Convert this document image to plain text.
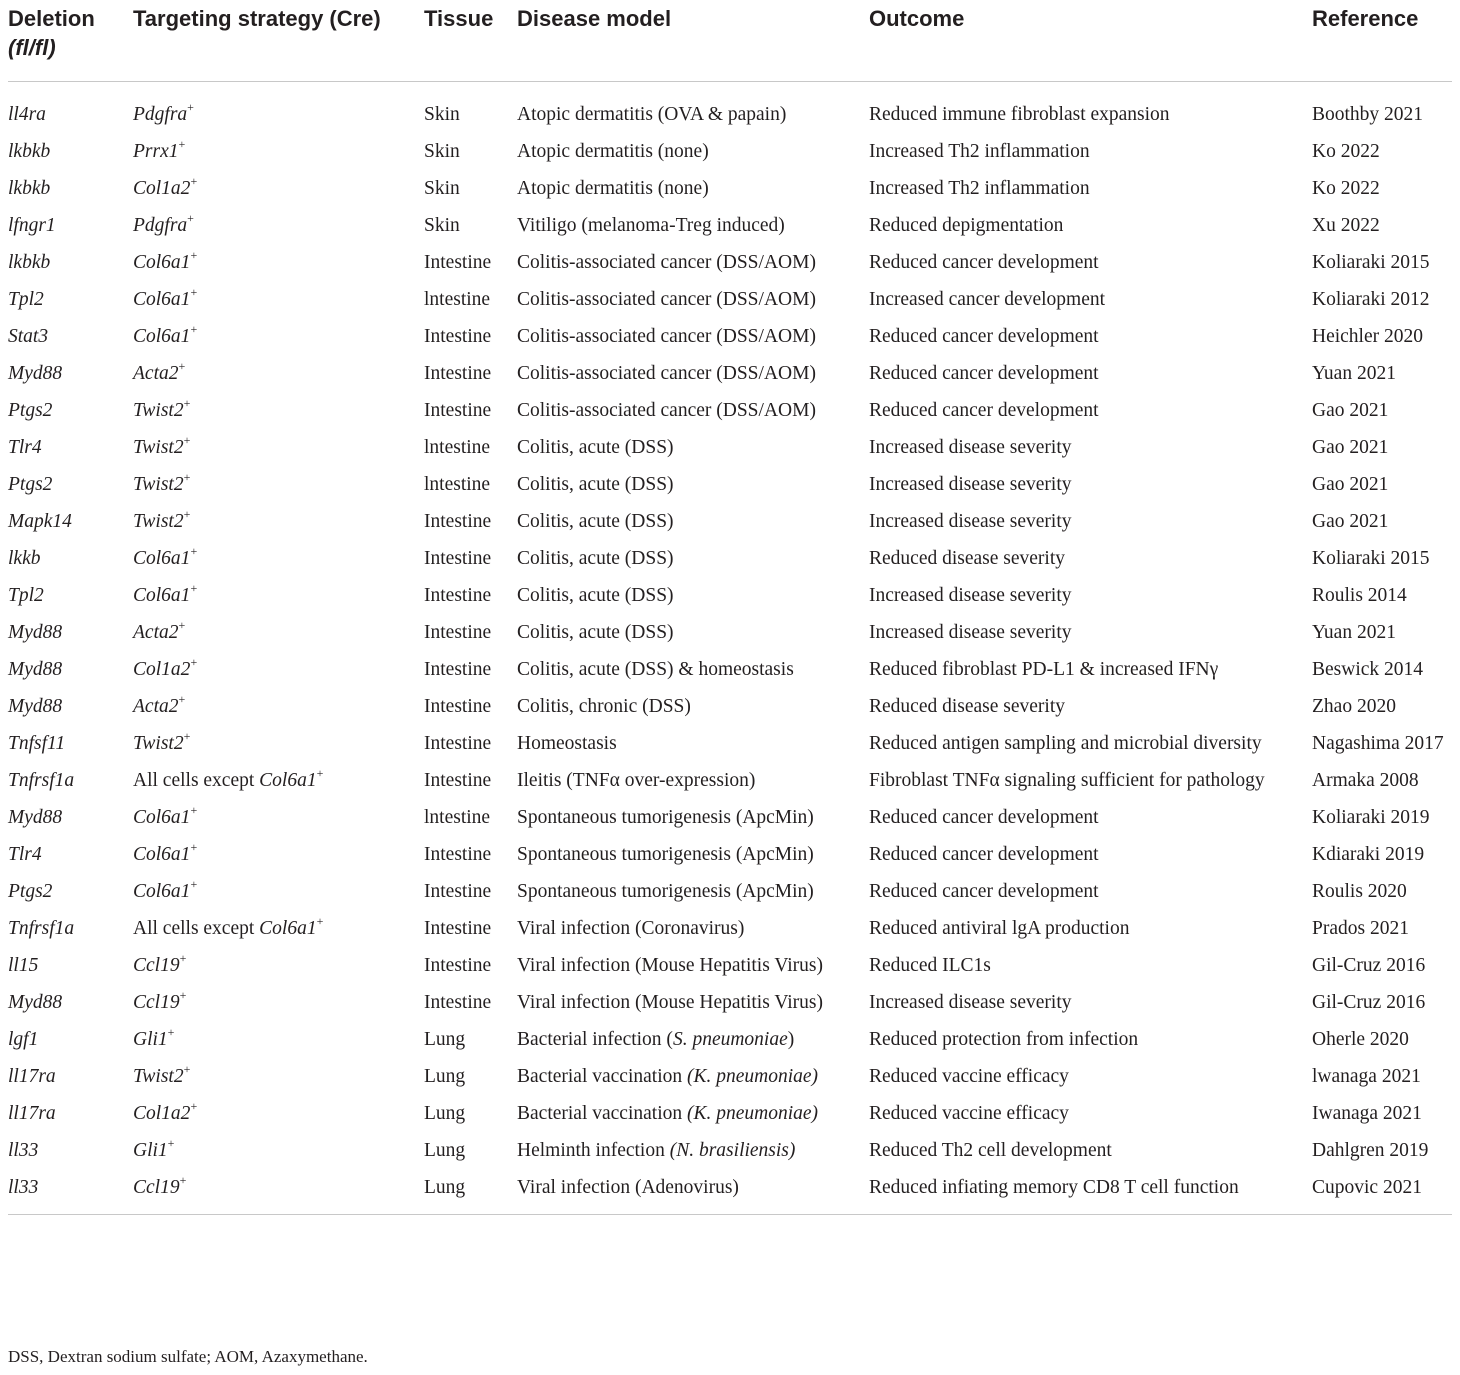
Deletion
(fl/fl)	Targeting strategy (Cre)	Tissue	Disease model	Outcome	Reference
ll4ra	Pdgfra+	Skin	Atopic dermatitis (OVA & papain)	Reduced immune fibroblast expansion	Boothby 2021
lkbkb	Prrx1+	Skin	Atopic dermatitis (none)	Increased Th2 inflammation	Ko 2022
lkbkb	Col1a2+	Skin	Atopic dermatitis (none)	Increased Th2 inflammation	Ko 2022
lfngr1	Pdgfra+	Skin	Vitiligo (melanoma-Treg induced)	Reduced depigmentation	Xu 2022
lkbkb	Col6a1+	Intestine	Colitis-associated cancer (DSS/AOM)	Reduced cancer development	Koliaraki 2015
Tpl2	Col6a1+	lntestine	Colitis-associated cancer (DSS/AOM)	Increased cancer development	Koliaraki 2012
Stat3	Col6a1+	Intestine	Colitis-associated cancer (DSS/AOM)	Reduced cancer development	Heichler 2020
Myd88	Acta2+	Intestine	Colitis-associated cancer (DSS/AOM)	Reduced cancer development	Yuan 2021
Ptgs2	Twist2+	Intestine	Colitis-associated cancer (DSS/AOM)	Reduced cancer development	Gao 2021
Tlr4	Twist2+	lntestine	Colitis, acute (DSS)	Increased disease severity	Gao 2021
Ptgs2	Twist2+	lntestine	Colitis, acute (DSS)	Increased disease severity	Gao 2021
Mapk14	Twist2+	Intestine	Colitis, acute (DSS)	Increased disease severity	Gao 2021
lkkb	Col6a1+	Intestine	Colitis, acute (DSS)	Reduced disease severity	Koliaraki 2015
Tpl2	Col6a1+	Intestine	Colitis, acute (DSS)	Increased disease severity	Roulis 2014
Myd88	Acta2+	Intestine	Colitis, acute (DSS)	Increased disease severity	Yuan 2021
Myd88	Col1a2+	Intestine	Colitis, acute (DSS) & homeostasis	Reduced fibroblast PD-L1 & increased IFNγ	Beswick 2014
Myd88	Acta2+	Intestine	Colitis, chronic (DSS)	Reduced disease severity	Zhao 2020
Tnfsf11	Twist2+	Intestine	Homeostasis	Reduced antigen sampling and microbial diversity	Nagashima 2017
Tnfrsf1a	All cells except Col6a1+	Intestine	Ileitis (TNFα over-expression)	Fibroblast TNFα signaling sufficient for pathology	Armaka 2008
Myd88	Col6a1+	lntestine	Spontaneous tumorigenesis (ApcMin)	Reduced cancer development	Koliaraki 2019
Tlr4	Col6a1+	Intestine	Spontaneous tumorigenesis (ApcMin)	Reduced cancer development	Kdiaraki 2019
Ptgs2	Col6a1+	Intestine	Spontaneous tumorigenesis (ApcMin)	Reduced cancer development	Roulis 2020
Tnfrsf1a	All cells except Col6a1+	Intestine	Viral infection (Coronavirus)	Reduced antiviral lgA production	Prados 2021
ll15	Ccl19+	Intestine	Viral infection (Mouse Hepatitis Virus)	Reduced ILC1s	Gil-Cruz 2016
Myd88	Ccl19+	Intestine	Viral infection (Mouse Hepatitis Virus)	Increased disease severity	Gil-Cruz 2016
lgf1	Gli1+	Lung	Bacterial infection (S. pneumoniae)	Reduced protection from infection	Oherle 2020
ll17ra	Twist2+	Lung	Bacterial vaccination (K. pneumoniae)	Reduced vaccine efficacy	lwanaga 2021
ll17ra	Col1a2+	Lung	Bacterial vaccination (K. pneumoniae)	Reduced vaccine efficacy	Iwanaga 2021
ll33	Gli1+	Lung	Helminth infection (N. brasiliensis)	Reduced Th2 cell development	Dahlgren 2019
ll33	Ccl19+	Lung	Viral infection (Adenovirus)	Reduced infiating memory CD8 T cell function	Cupovic 2021
DSS, Dextran sodium sulfate; AOM, Azaxymethane.
